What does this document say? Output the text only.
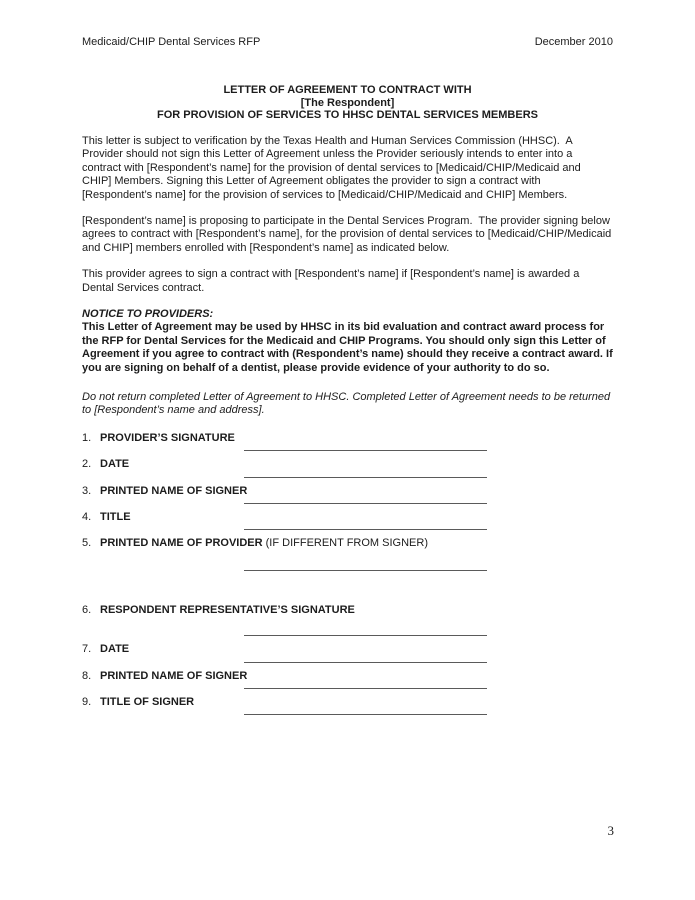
Medicaid/CHIP Dental Services RFP	December 2010
LETTER OF AGREEMENT TO CONTRACT WITH
[The Respondent]
FOR PROVISION OF SERVICES TO HHSC DENTAL SERVICES MEMBERS

This letter is subject to verification by the Texas Health and Human Services Commission (HHSC).  A Provider should not sign this Letter of Agreement unless the Provider seriously intends to enter into a contract with [Respondent’s name] for the provision of dental services to [Medicaid/CHIP/Medicaid and CHIP] Members. Signing this Letter of Agreement obligates the provider to sign a contract with [Respondent’s name] for the provision of services to [Medicaid/CHIP/Medicaid and CHIP] Members.

[Respondent’s name] is proposing to participate in the Dental Services Program.  The provider signing below agrees to contract with [Respondent’s name], for the provision of dental services to [Medicaid/CHIP/Medicaid and CHIP] members enrolled with [Respondent’s name] as indicated below.

This provider agrees to sign a contract with [Respondent’s name] if [Respondent’s name] is awarded a Dental Services contract.

NOTICE TO PROVIDERS:

This Letter of Agreement may be used by HHSC in its bid evaluation and contract award process for the RFP for Dental Services for the Medicaid and CHIP Programs. You should only sign this Letter of Agreement if you agree to contract with (Respondent’s name) should they receive a contract award. If you are signing on behalf of a dentist, please provide evidence of your authority to do so.

Do not return completed Letter of Agreement to HHSC. Completed Letter of Agreement needs to be returned to [Respondent’s name and address].

1. PROVIDER’S SIGNATURE
2. DATE
3. PRINTED NAME OF SIGNER
4. TITLE
5. PRINTED NAME OF PROVIDER (IF DIFFERENT FROM SIGNER)
6. RESPONDENT REPRESENTATIVE’S SIGNATURE
7. DATE
8. PRINTED NAME OF SIGNER
9. TITLE OF SIGNER
3
